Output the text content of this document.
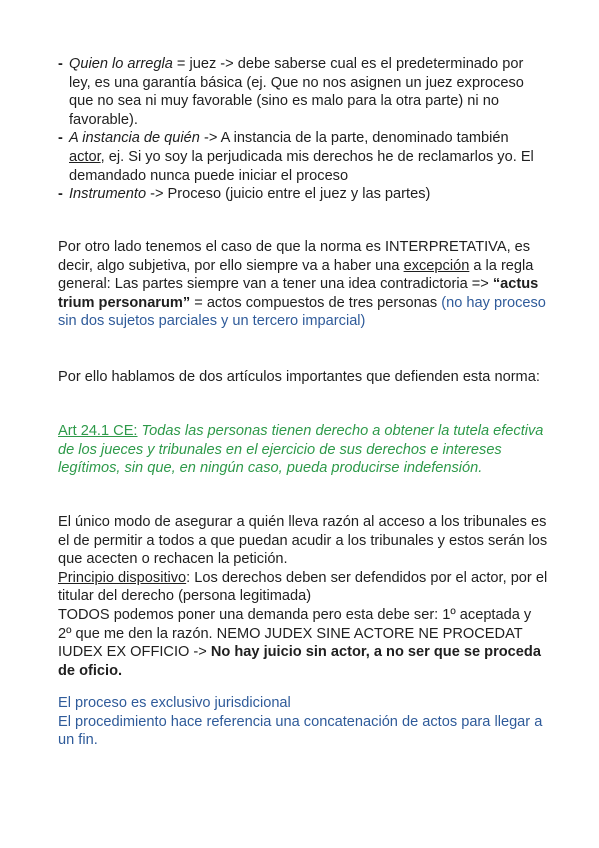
- Quien lo arregla = juez -> debe saberse cual es el predeterminado por ley, es una garantía básica (ej. Que no nos asignen un juez exproceso que no sea ni muy favorable (sino es malo para la otra parte) ni no favorable).
- A instancia de quién -> A instancia de la parte, denominado también actor, ej. Si yo soy la perjudicada mis derechos he de reclamarlos yo. El demandado nunca puede iniciar el proceso
- Instrumento -> Proceso (juicio entre el juez y las partes)
Por otro lado tenemos el caso de que la norma es INTERPRETATIVA, es decir, algo subjetiva, por ello siempre va a haber una excepción a la regla general: Las partes siempre van a tener una idea contradictoria => “actus trium personarum” = actos compuestos de tres personas (no hay proceso sin dos sujetos parciales y un tercero imparcial)
Por ello hablamos de dos artículos importantes que defienden esta norma:
Art 24.1 CE: Todas las personas tienen derecho a obtener la tutela efectiva de los jueces y tribunales en el ejercicio de sus derechos e intereses legítimos, sin que, en ningún caso, pueda producirse indefensión.
El único modo de asegurar a quién lleva razón al acceso a los tribunales es el de permitir a todos a que puedan acudir a los tribunales y estos serán los que acecten o rechacen la petición.
Principio dispositivo: Los derechos deben ser defendidos por el actor, por el titular del derecho (persona legitimada)
TODOS podemos poner una demanda pero esta debe ser: 1º aceptada y 2º que me den la razón. NEMO JUDEX SINE ACTORE NE PROCEDAT IUDEX EX OFFICIO -> No hay juicio sin actor, a no ser que se proceda de oficio.
El proceso es exclusivo jurisdicional
El procedimiento hace referencia una concatenación de actos para llegar a un fin.
